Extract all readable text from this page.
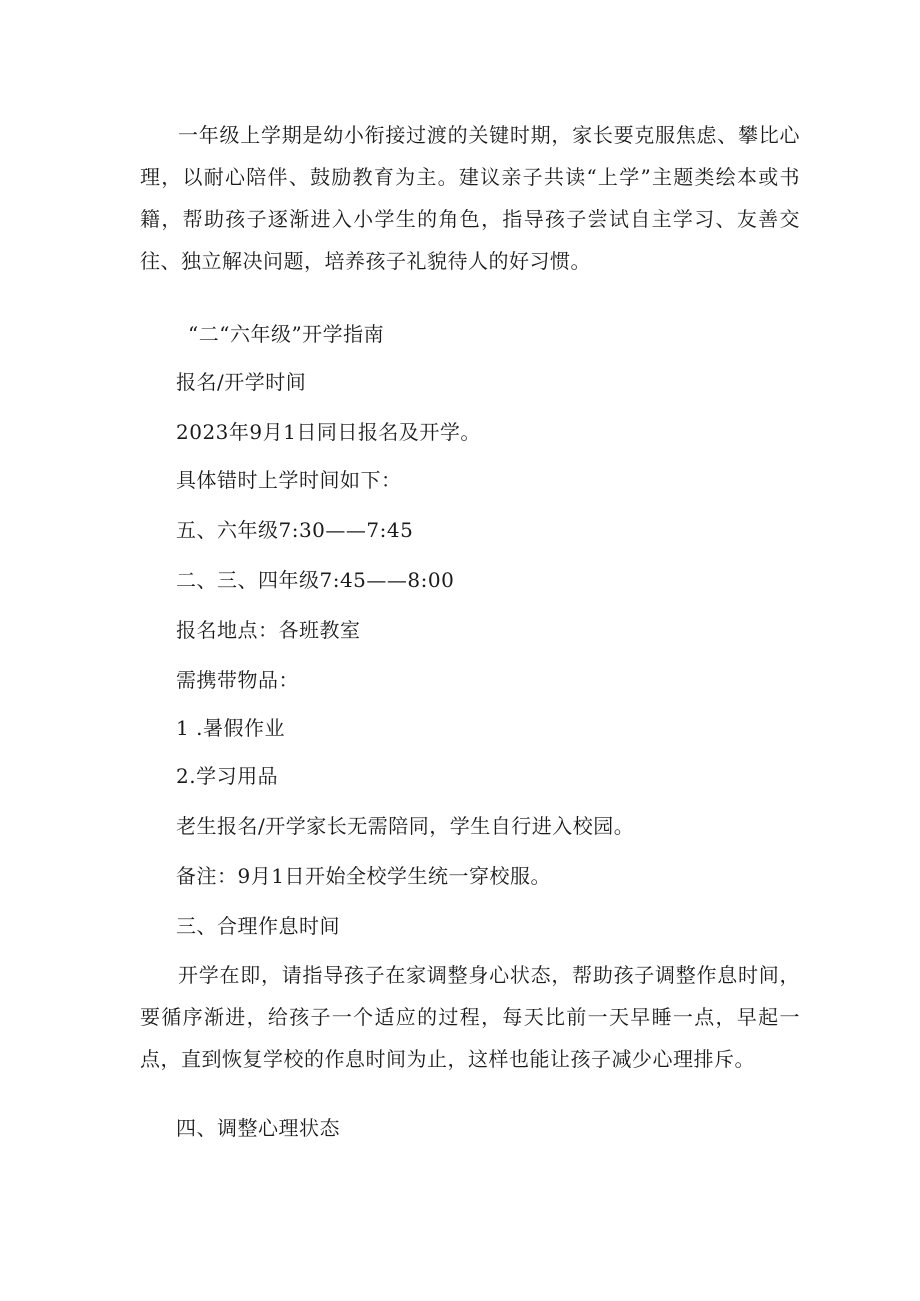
一年级上学期是幼小衔接过渡的关键时期，家长要克服焦虑、攀比心理，以耐心陪伴、鼓励教育为主。建议亲子共读“上学”主题类绘本或书籍，帮助孩子逐渐进入小学生的角色，指导孩子尝试自主学习、友善交往、独立解决问题，培养孩子礼貌待人的好习惯。

“二“六年级”开学指南

报名/开学时间

2023年9月1日同日报名及开学。

具体错时上学时间如下：

五、六年级7:30——7:45

二、三、四年级7:45——8:00

报名地点：各班教室

需携带物品：

1 .暑假作业

2.学习用品

老生报名/开学家长无需陪同，学生自行进入校园。

备注：9月1日开始全校学生统一穿校服。

三、合理作息时间

开学在即，请指导孩子在家调整身心状态，帮助孩子调整作息时间，要循序渐进，给孩子一个适应的过程，每天比前一天早睡一点，早起一点，直到恢复学校的作息时间为止，这样也能让孩子减少心理排斥。

四、调整心理状态
